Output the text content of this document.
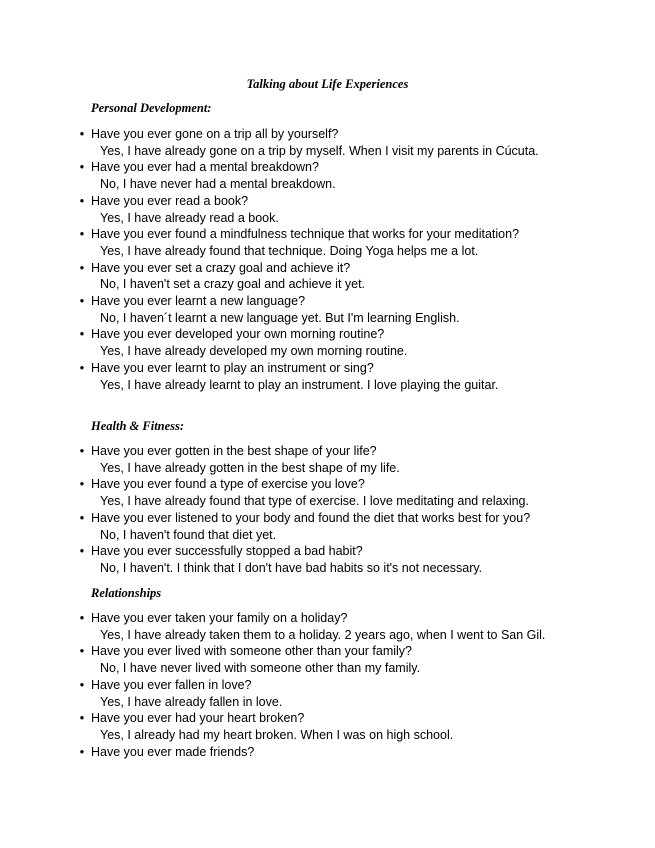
Talking about Life Experiences
Personal Development:
• Have you ever gone on a trip all by yourself?
Yes, I have already gone on a trip by myself. When I visit my parents in Cúcuta.
• Have you ever had a mental breakdown?
No, I have never had a mental breakdown.
• Have you ever read a book?
Yes, I have already read a book.
• Have you ever found a mindfulness technique that works for your meditation?
Yes, I have already found that technique. Doing Yoga helps me a lot.
• Have you ever set a crazy goal and achieve it?
No, I haven't set a crazy goal and achieve it yet.
• Have you ever learnt a new language?
No, I haven´t learnt a new language yet. But I'm learning English.
• Have you ever developed your own morning routine?
Yes, I have already developed my own morning routine.
• Have you ever learnt to play an instrument or sing?
Yes, I have already learnt to play an instrument. I love playing the guitar.
Health & Fitness:
• Have you ever gotten in the best shape of your life?
Yes, I have already gotten in the best shape of my life.
• Have you ever found a type of exercise you love?
Yes, I have already found that type of exercise. I love meditating and relaxing.
• Have you ever listened to your body and found the diet that works best for you?
No, I haven't found that diet yet.
• Have you ever successfully stopped a bad habit?
No, I haven't. I think that I don't have bad habits so it's not necessary.
Relationships
• Have you ever taken your family on a holiday?
Yes, I have already taken them to a holiday. 2 years ago, when I went to San Gil.
• Have you ever lived with someone other than your family?
No, I have never lived with someone other than my family.
• Have you ever fallen in love?
Yes, I have already fallen in love.
• Have you ever had your heart broken?
Yes, I already had my heart broken. When I was on high school.
• Have you ever made friends?
